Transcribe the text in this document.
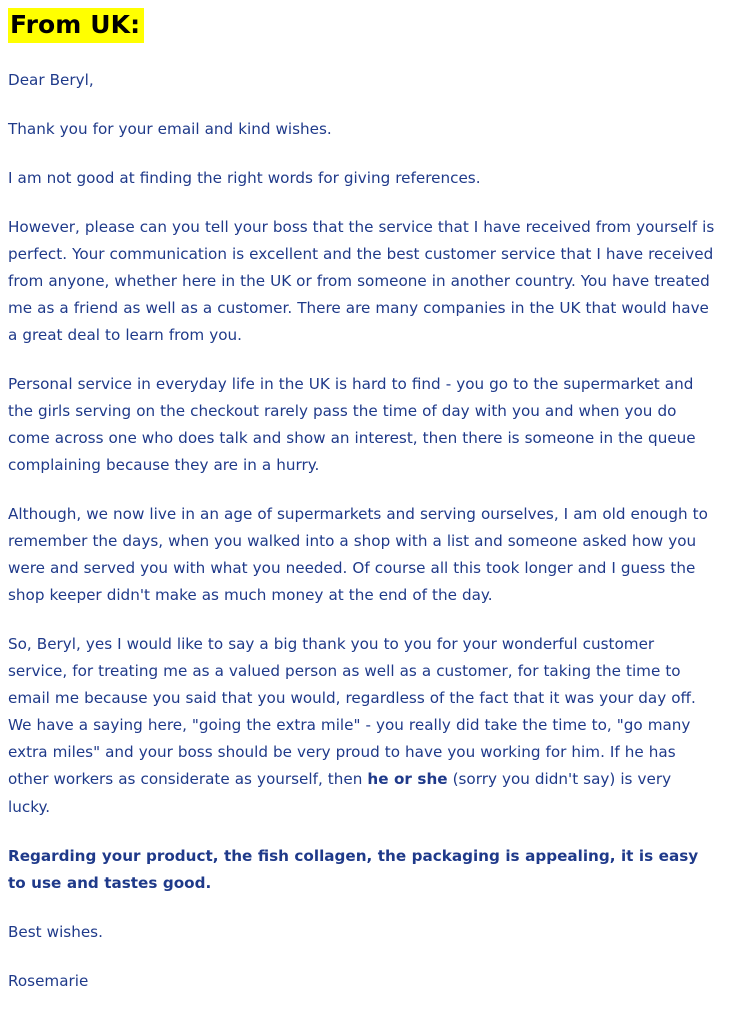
From UK:

Dear Beryl,

Thank you for your email and kind wishes.

I am not good at finding the right words for giving references.

However, please can you tell your boss that the service that I have received from yourself is perfect. Your communication is excellent and the best customer service that I have received from anyone, whether here in the UK or from someone in another country. You have treated me as a friend as well as a customer. There are many companies in the UK that would have a great deal to learn from you.

Personal service in everyday life in the UK is hard to find - you go to the supermarket and the girls serving on the checkout rarely pass the time of day with you and when you do come across one who does talk and show an interest, then there is someone in the queue complaining because they are in a hurry.

Although, we now live in an age of supermarkets and serving ourselves, I am old enough to remember the days, when you walked into a shop with a list and someone asked how you were and served you with what you needed. Of course all this took longer and I guess the shop keeper didn't make as much money at the end of the day.

So, Beryl, yes I would like to say a big thank you to you for your wonderful customer service, for treating me as a valued person as well as a customer, for taking the time to email me because you said that you would, regardless of the fact that it was your day off. We have a saying here, "going the extra mile" - you really did take the time to, "go many extra miles" and your boss should be very proud to have you working for him. If he has other workers as considerate as yourself, then he or she (sorry you didn't say) is very lucky.

Regarding your product, the fish collagen, the packaging is appealing, it is easy to use and tastes good.

Best wishes.

Rosemarie
